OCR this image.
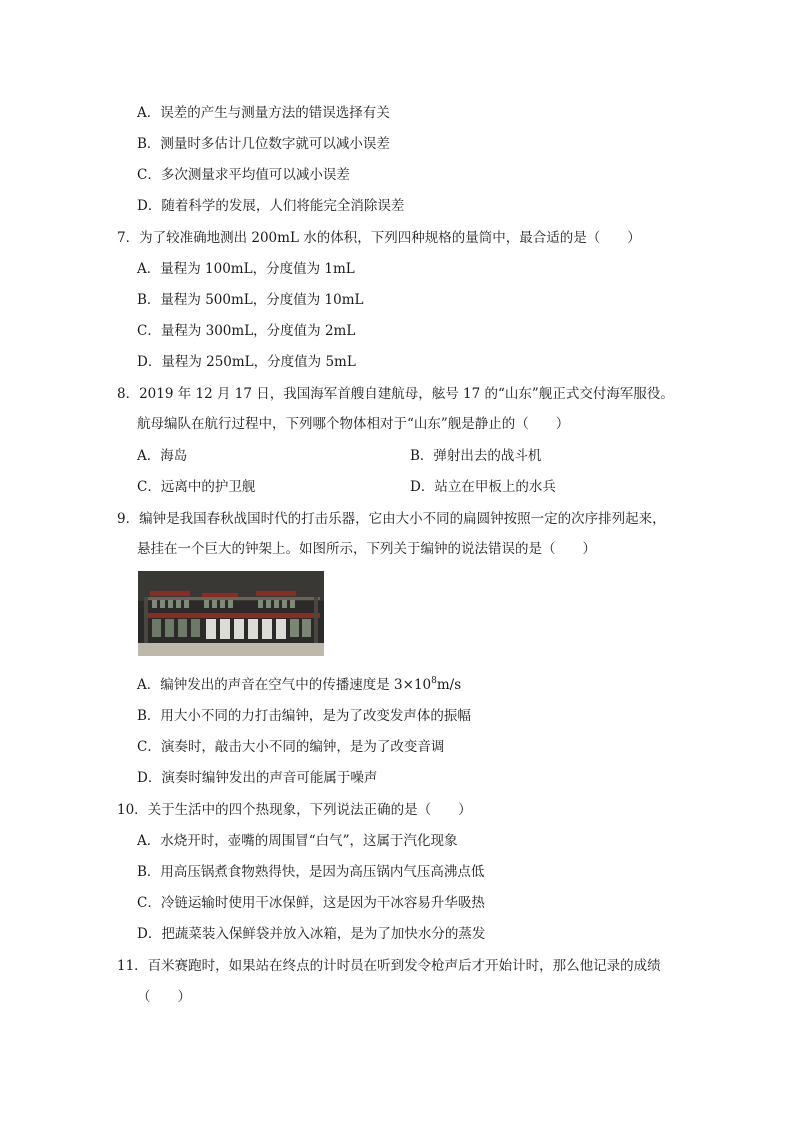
A．误差的产生与测量方法的错误选择有关
B．测量时多估计几位数字就可以减小误差
C．多次测量求平均值可以减小误差
D．随着科学的发展，人们将能完全消除误差
7．为了较准确地测出 200mL 水的体积，下列四种规格的量筒中，最合适的是（　　）
A．量程为 100mL，分度值为 1mL
B．量程为 500mL，分度值为 10mL
C．量程为 300mL，分度值为 2mL
D．量程为 250mL，分度值为 5mL
8．2019 年 12 月 17 日，我国海军首艘自建航母，舷号 17 的“山东”舰正式交付海军服役。
航母编队在航行过程中，下列哪个物体相对于“山东”舰是静止的（　　）
A．海岛	B．弹射出去的战斗机
C．远离中的护卫舰	D．站立在甲板上的水兵
9．编钟是我国春秋战国时代的打击乐器，它由大小不同的扁圆钟按照一定的次序排列起来，
悬挂在一个巨大的钟架上。如图所示，下列关于编钟的说法错误的是（　　）
A．编钟发出的声音在空气中的传播速度是 $3\times 10^8m/s$
B．用大小不同的力打击编钟，是为了改变发声体的振幅
C．演奏时，敲击大小不同的编钟，是为了改变音调
D．演奏时编钟发出的声音可能属于噪声
10．关于生活中的四个热现象，下列说法正确的是（　　）
A．水烧开时，壶嘴的周围冒“白气”，这属于汽化现象
B．用高压锅煮食物熟得快，是因为高压锅内气压高沸点低
C．冷链运输时使用干冰保鲜，这是因为干冰容易升华吸热
D．把蔬菜装入保鲜袋并放入冰箱，是为了加快水分的蒸发
11．百米赛跑时，如果站在终点的计时员在听到发令枪声后才开始计时，那么他记录的成绩
（　　）
